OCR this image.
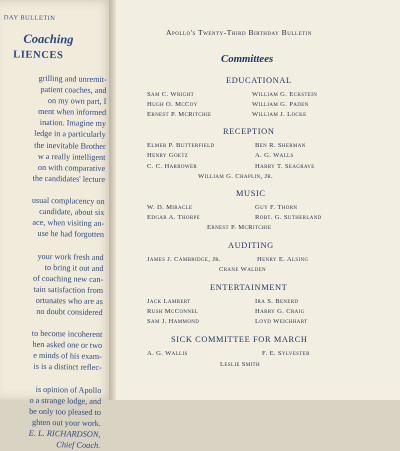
DAY BULLETIN
Coaching
LIENCES
grilling and unremit-
patient coaches, and
on my own part, I
ment when informed
ination. Imagine my
ledge in a particularly
the inevitable Brother
w a really intelligent
on with comparative
the candidates' lecture
usual complacency on
candidate, about six
ace, when visiting an-
use he had forgotten
your work fresh and
to bring it out and
of coaching new can-
tain satisfaction from
ortunates who are as
no doubt considered
to become incoherent
hen asked one or two
e minds of his exam-
is is a distinct reflec-
is opinion of Apollo
o a strange lodge, and
be only too pleased to
ghten out your work.
E. L. RICHARDSON,
Chief Coach.
Apollo's Twenty-Third Birthday Bulletin
Committees
EDUCATIONAL
Sam C. Wright	William G. Eckstein
Hugh O. McCoy	William G. Paden
Ernest P. McRitchie	William J. Locke
RECEPTION
Elmer P. Butterfield	Ben R. Sherman
Henry Goetz	A. G. Walls
C. C. Harrower	Harry T. Seagrave
William G. Chaplin, Jr.
MUSIC
W. D. Miracle	Guy F. Thorn
Edgar A. Thorpe	Robt. G. Sutherland
Ernest P. McRitchie
AUDITING
James J. Cambridge, Jr.	Henry E. Alsing
Crane Walden
ENTERTAINMENT
Jack Lambert	Ira S. Benerd
Rush McConnel	Harry G. Craig
Sam J. Hammond	Loyd Weichhart
SICK COMMITTEE FOR MARCH
A. G. Wallis	F. E. Sylvester
Leslie Smith
